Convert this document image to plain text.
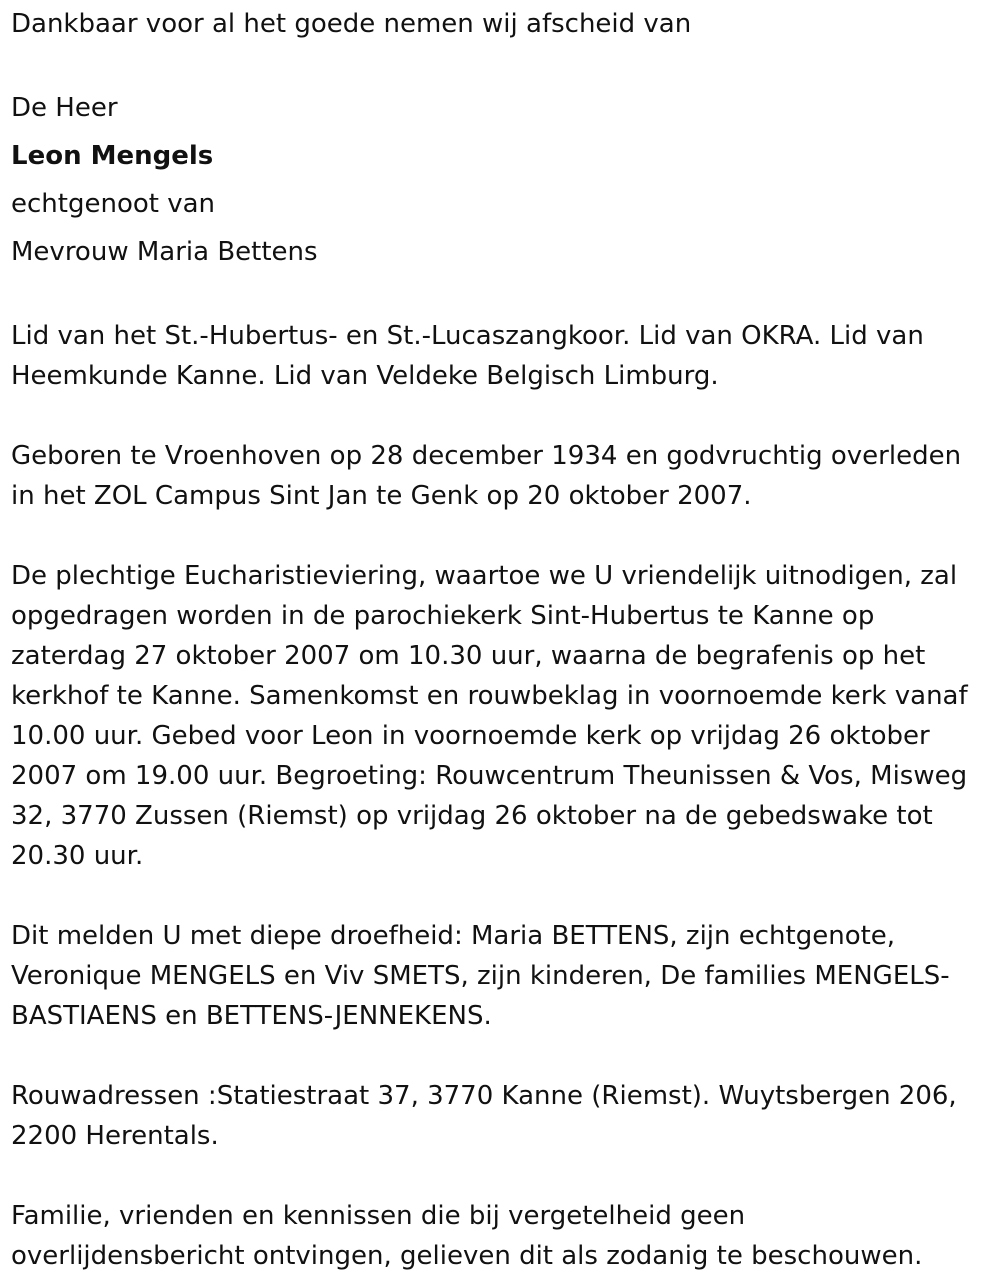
Dankbaar voor al het goede nemen wij afscheid van

De Heer

Leon Mengels

echtgenoot van

Mevrouw Maria Bettens

Lid van het St.-Hubertus- en St.-Lucaszangkoor. Lid van OKRA. Lid van
Heemkunde Kanne. Lid van Veldeke Belgisch Limburg.
Geboren te Vroenhoven op 28 december 1934 en godvruchtig overleden
in het ZOL Campus Sint Jan te Genk op 20 oktober 2007.
De plechtige Eucharistieviering, waartoe we U vriendelijk uitnodigen, zal
opgedragen worden in de parochiekerk Sint-Hubertus te Kanne op
zaterdag 27 oktober 2007 om 10.30 uur, waarna de begrafenis op het
kerkhof te Kanne. Samenkomst en rouwbeklag in voornoemde kerk vanaf
10.00 uur. Gebed voor Leon in voornoemde kerk op vrijdag 26 oktober
2007 om 19.00 uur. Begroeting: Rouwcentrum Theunissen & Vos, Misweg
32, 3770 Zussen (Riemst) op vrijdag 26 oktober na de gebedswake tot
20.30 uur.
Dit melden U met diepe droefheid: Maria BETTENS, zijn echtgenote,
Veronique MENGELS en Viv SMETS, zijn kinderen, De families MENGELS-
BASTIAENS en BETTENS-JENNEKENS.
Rouwadressen :Statiestraat 37, 3770 Kanne (Riemst). Wuytsbergen 206,
2200 Herentals.
Familie, vrienden en kennissen die bij vergetelheid geen
overlijdensbericht ontvingen, gelieven dit als zodanig te beschouwen.
